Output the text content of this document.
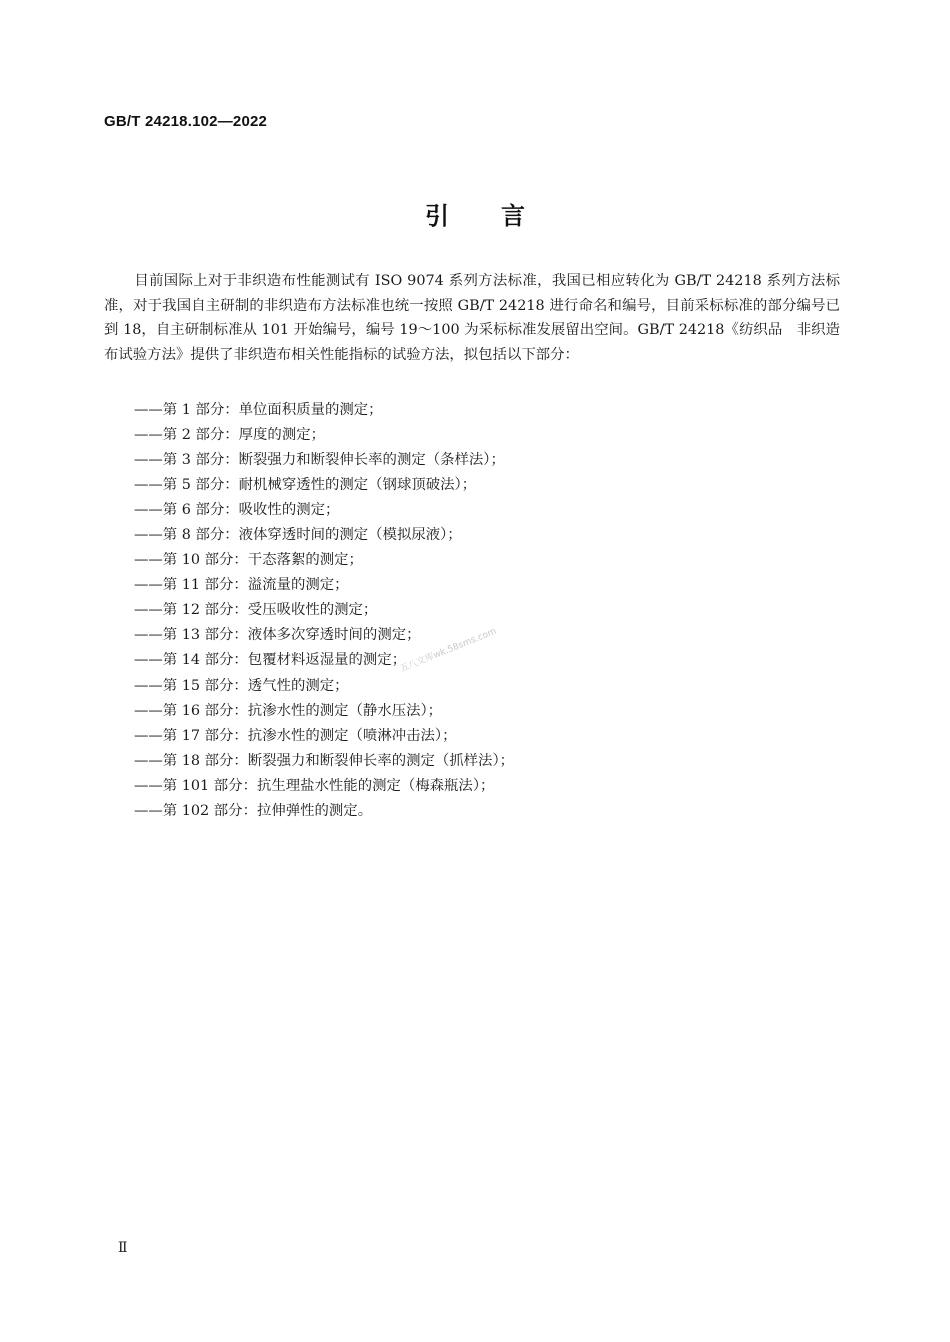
GB/T 24218.102—2022
引言

目前国际上对于非织造布性能测试有 ISO 9074 系列方法标准，我国已相应转化为 GB/T 24218 系列方法标准，对于我国自主研制的非织造布方法标准也统一按照 GB/T 24218 进行命名和编号，目前采标标准的部分编号已到 18，自主研制标准从 101 开始编号，编号 19～100 为采标标准发展留出空间。GB/T 24218《纺织品　非织造布试验方法》提供了非织造布相关性能指标的试验方法，拟包括以下部分：

——第 1 部分：单位面积质量的测定；
——第 2 部分：厚度的测定；
——第 3 部分：断裂强力和断裂伸长率的测定（条样法）；
——第 5 部分：耐机械穿透性的测定（钢球顶破法）；
——第 6 部分：吸收性的测定；
——第 8 部分：液体穿透时间的测定（模拟尿液）；
——第 10 部分：干态落絮的测定；
——第 11 部分：溢流量的测定；
——第 12 部分：受压吸收性的测定；
——第 13 部分：液体多次穿透时间的测定；
——第 14 部分：包覆材料返湿量的测定；
——第 15 部分：透气性的测定；
——第 16 部分：抗渗水性的测定（静水压法）；
——第 17 部分：抗渗水性的测定（喷淋冲击法）；
——第 18 部分：断裂强力和断裂伸长率的测定（抓样法）；
——第 101 部分：抗生理盐水性能的测定（梅森瓶法）；
——第 102 部分：拉伸弹性的测定。
五八文库wk.58sms.com
Ⅱ
